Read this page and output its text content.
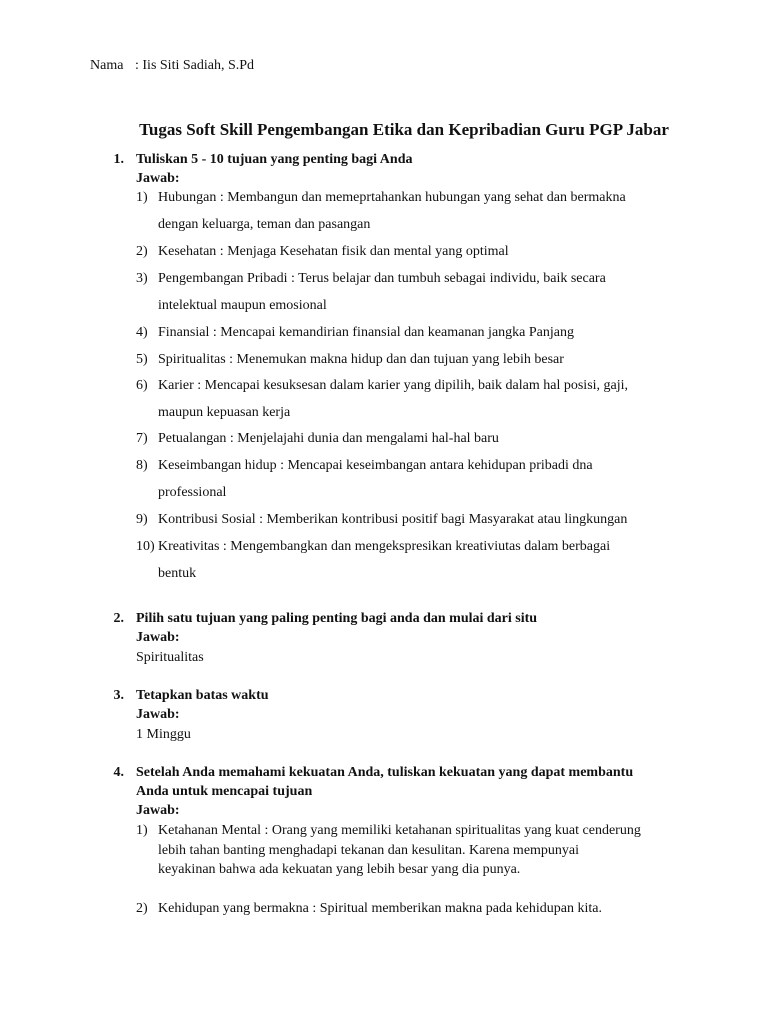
Nama : Iis Siti Sadiah, S.Pd
Tugas Soft Skill Pengembangan Etika dan Kepribadian Guru PGP Jabar
1. Tuliskan 5 - 10 tujuan yang penting bagi Anda
Jawab:
1) Hubungan : Membangun dan memeprtahankan hubungan yang sehat dan bermakna
dengan keluarga, teman dan pasangan
2) Kesehatan : Menjaga Kesehatan fisik dan mental yang optimal
3) Pengembangan Pribadi : Terus belajar dan tumbuh sebagai individu, baik secara
intelektual maupun emosional
4) Finansial : Mencapai kemandirian finansial dan keamanan jangka Panjang
5) Spiritualitas : Menemukan makna hidup dan dan tujuan yang lebih besar
6) Karier : Mencapai kesuksesan dalam karier yang dipilih, baik dalam hal posisi, gaji,
maupun kepuasan kerja
7) Petualangan : Menjelajahi dunia dan mengalami hal-hal baru
8) Keseimbangan hidup : Mencapai keseimbangan antara kehidupan pribadi dna
professional
9) Kontribusi Sosial : Memberikan kontribusi positif bagi Masyarakat atau lingkungan
10) Kreativitas : Mengembangkan dan mengekspresikan kreativiutas dalam berbagai
bentuk
2. Pilih satu tujuan yang paling penting bagi anda dan mulai dari situ
Jawab:
Spiritualitas
3. Tetapkan batas waktu
Jawab:
1 Minggu
4. Setelah Anda memahami kekuatan Anda, tuliskan kekuatan yang dapat membantu
Anda untuk mencapai tujuan
Jawab:
1) Ketahanan Mental : Orang yang memiliki ketahanan spiritualitas yang kuat cenderung
lebih tahan banting menghadapi tekanan dan kesulitan. Karena mempunyai
keyakinan bahwa ada kekuatan yang lebih besar yang dia punya.
2) Kehidupan yang bermakna : Spiritual memberikan makna pada kehidupan kita.
